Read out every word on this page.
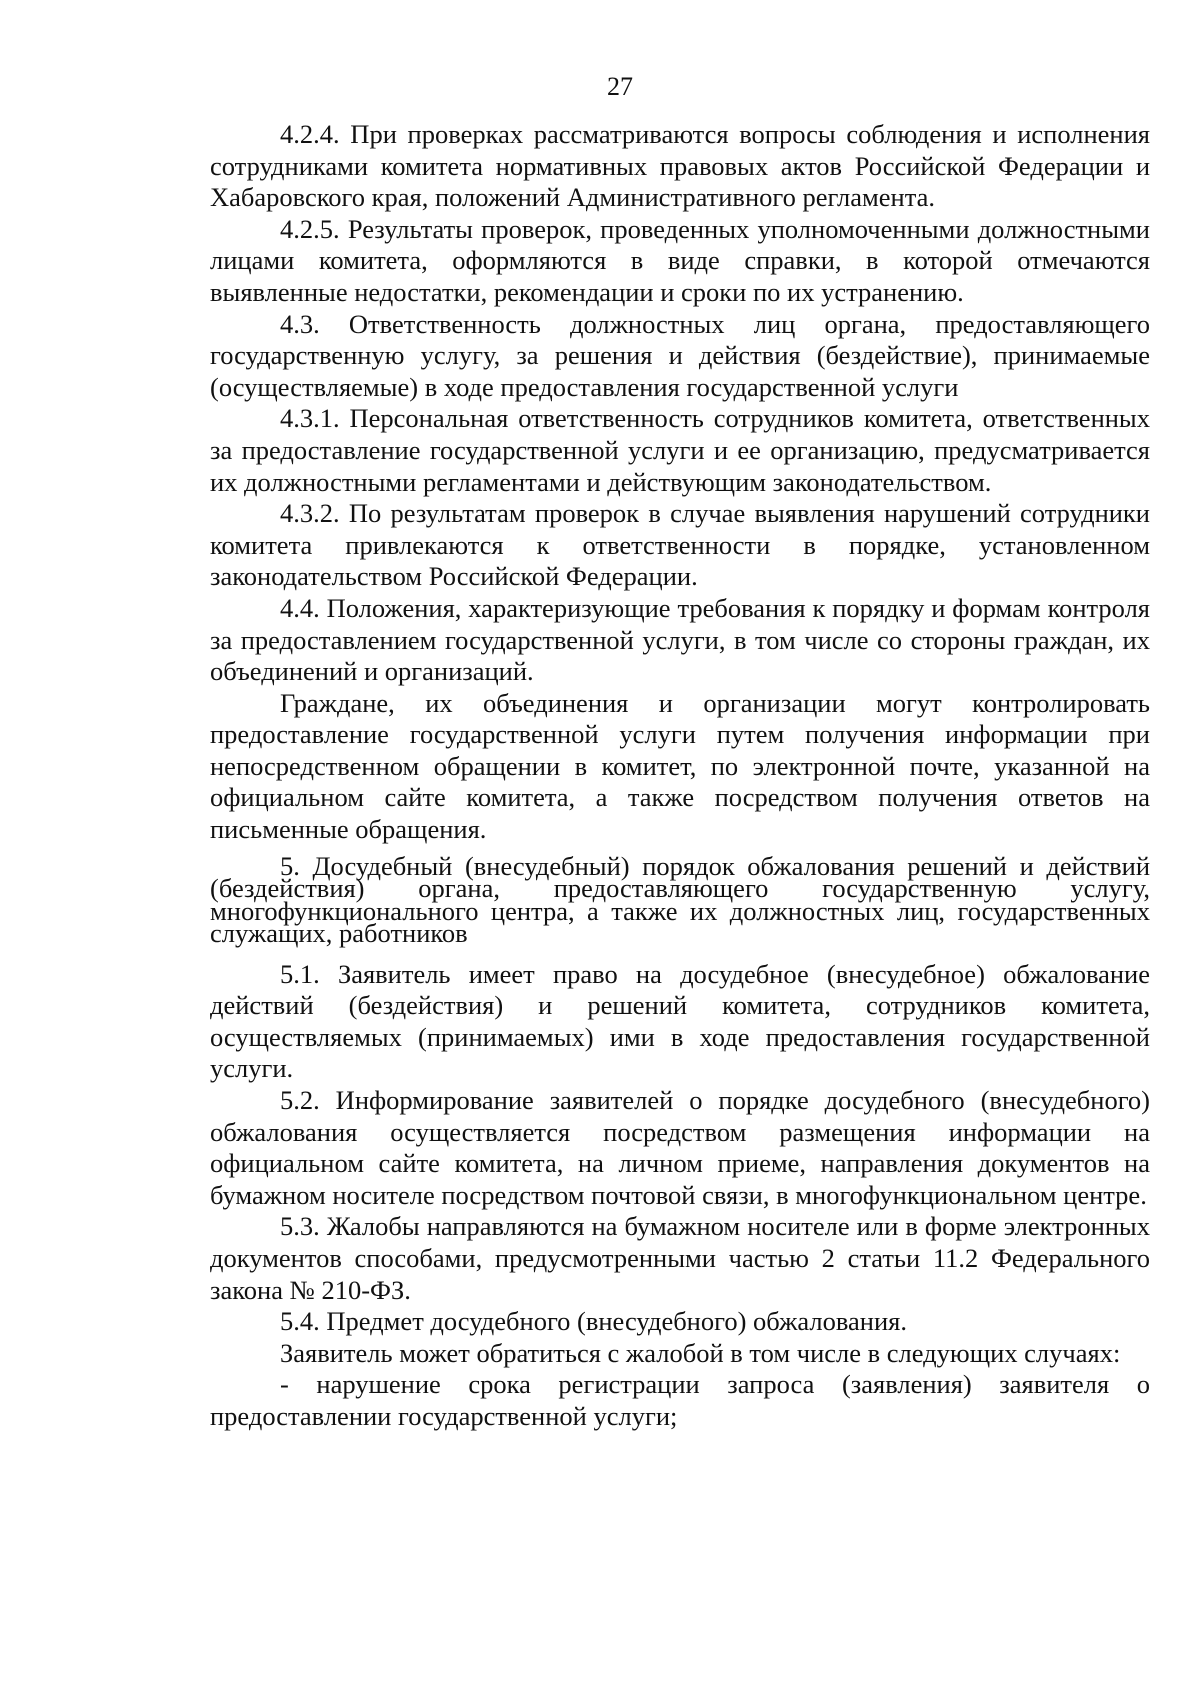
27

4.2.4. При проверках рассматриваются вопросы соблюдения и исполнения сотрудниками комитета нормативных правовых актов Российской Федерации и Хабаровского края, положений Административного регламента.

4.2.5. Результаты проверок, проведенных уполномоченными должностными лицами комитета, оформляются в виде справки, в которой отмечаются выявленные недостатки, рекомендации и сроки по их устранению.

4.3. Ответственность должностных лиц органа, предоставляющего государственную услугу, за решения и действия (бездействие), принимаемые (осуществляемые) в ходе предоставления государственной услуги

4.3.1. Персональная ответственность сотрудников комитета, ответственных за предоставление государственной услуги и ее организацию, предусматривается их должностными регламентами и действующим законодательством.

4.3.2. По результатам проверок в случае выявления нарушений сотрудники комитета привлекаются к ответственности в порядке, установленном законодательством Российской Федерации.

4.4. Положения, характеризующие требования к порядку и формам контроля за предоставлением государственной услуги, в том числе со стороны граждан, их объединений и организаций.

Граждане, их объединения и организации могут контролировать предоставление государственной услуги путем получения информации при непосредственном обращении в комитет, по электронной почте, указанной на официальном сайте комитета, а также посредством получения ответов на письменные обращения.

5. Досудебный (внесудебный) порядок обжалования решений и действий (бездействия) органа, предоставляющего государственную услугу, многофункционального центра, а также их должностных лиц, государственных служащих, работников

5.1. Заявитель имеет право на досудебное (внесудебное) обжалование действий (бездействия) и решений комитета, сотрудников комитета, осуществляемых (принимаемых) ими в ходе предоставления государственной услуги.

5.2. Информирование заявителей о порядке досудебного (внесудебного) обжалования осуществляется посредством размещения информации на официальном сайте комитета, на личном приеме, направления документов на бумажном носителе посредством почтовой связи, в многофункциональном центре.

5.3. Жалобы направляются на бумажном носителе или в форме электронных документов способами, предусмотренными частью 2 статьи 11.2 Федерального закона № 210-ФЗ.

5.4. Предмет досудебного (внесудебного) обжалования.

Заявитель может обратиться с жалобой в том числе в следующих случаях:

- нарушение срока регистрации запроса (заявления) заявителя о предоставлении государственной услуги;
